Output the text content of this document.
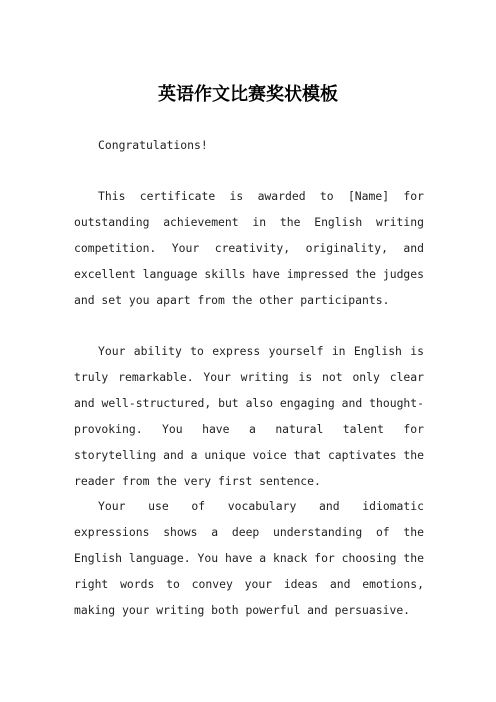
英语作文比赛奖状模板

Congratulations!

This certificate is awarded to [Name] for outstanding achievement in the English writing competition. Your creativity, originality, and excellent language skills have impressed the judges and set you apart from the other participants.

Your ability to express yourself in English is truly remarkable. Your writing is not only clear and well-structured, but also engaging and thought-provoking. You have a natural talent for storytelling and a unique voice that captivates the reader from the very first sentence.

Your use of vocabulary and idiomatic expressions shows a deep understanding of the English language. You have a knack for choosing the right words to convey your ideas and emotions, making your writing both powerful and persuasive.
